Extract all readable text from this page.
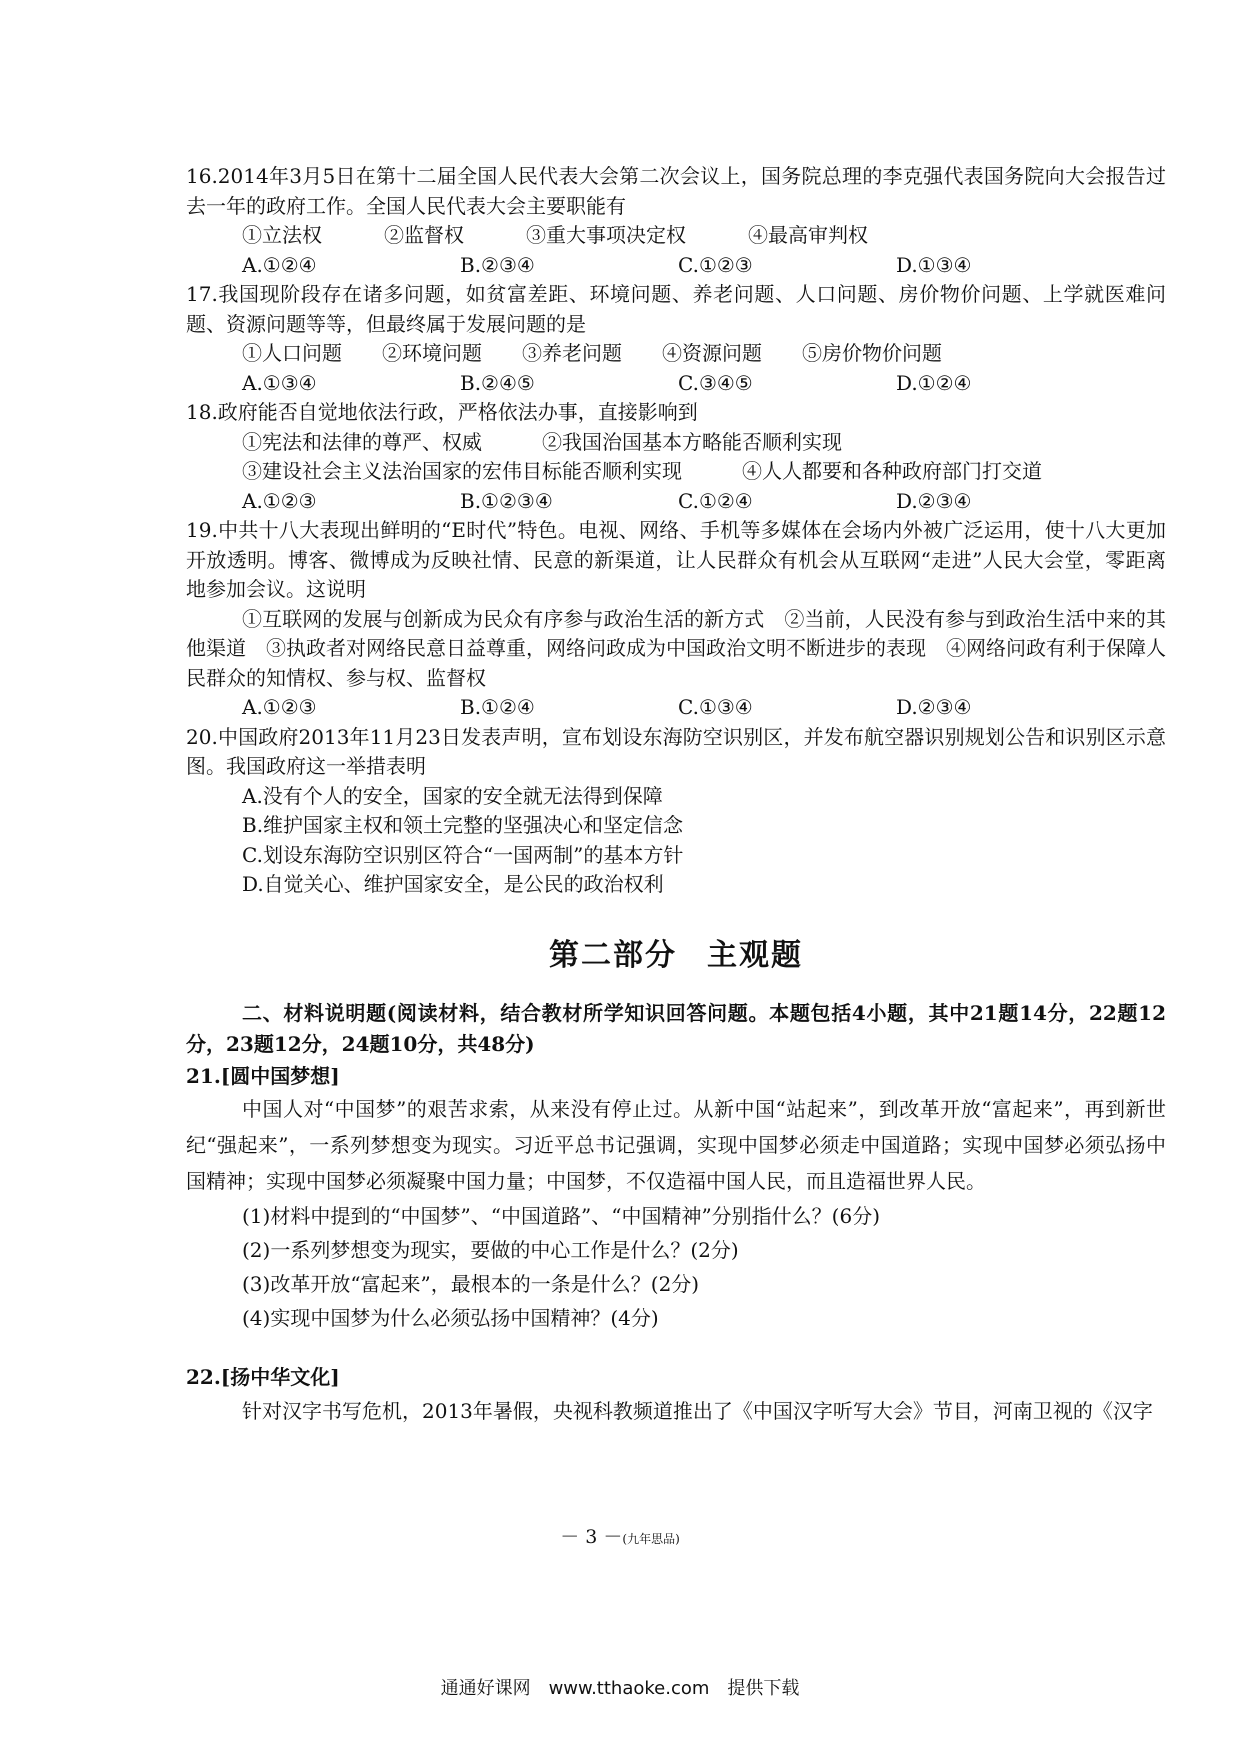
16.2014年3月5日在第十二届全国人民代表大会第二次会议上，国务院总理的李克强代表国务院向大会报告过去一年的政府工作。全国人民代表大会主要职能有

①立法权	②监督权	③重大事项决定权	④最高审判权
A.①②④	B.②③④	C.①②③	D.①③④

17.我国现阶段存在诸多问题，如贫富差距、环境问题、养老问题、人口问题、房价物价问题、上学就医难问题、资源问题等等，但最终属于发展问题的是

①人口问题 ②环境问题 ③养老问题 ④资源问题 ⑤房价物价问题
A.①③④	B.②④⑤	C.③④⑤	D.①②④

18.政府能否自觉地依法行政，严格依法办事，直接影响到

①宪法和法律的尊严、权威	②我国治国基本方略能否顺利实现
③建设社会主义法治国家的宏伟目标能否顺利实现	④人人都要和各种政府部门打交道
A.①②③	B.①②③④	C.①②④	D.②③④

19.中共十八大表现出鲜明的“E时代”特色。电视、网络、手机等多媒体在会场内外被广泛运用，使十八大更加开放透明。博客、微博成为反映社情、民意的新渠道，让人民群众有机会从互联网“走进”人民大会堂，零距离地参加会议。这说明

①互联网的发展与创新成为民众有序参与政治生活的新方式　②当前，人民没有参与到政治生活中来的其他渠道　③执政者对网络民意日益尊重，网络问政成为中国政治文明不断进步的表现　④网络问政有利于保障人民群众的知情权、参与权、监督权

A.①②③	B.①②④	C.①③④	D.②③④

20.中国政府2013年11月23日发表声明，宣布划设东海防空识别区，并发布航空器识别规划公告和识别区示意图。我国政府这一举措表明

A.没有个人的安全，国家的安全就无法得到保障

B.维护国家主权和领土完整的坚强决心和坚定信念

C.划设东海防空识别区符合“一国两制”的基本方针

D.自觉关心、维护国家安全，是公民的政治权利

第二部分 主观题

二、材料说明题(阅读材料，结合教材所学知识回答问题。本题包括4小题，其中21题14分，22题12分，23题12分，24题10分，共48分)

21.[圆中国梦想]

中国人对“中国梦”的艰苦求索，从来没有停止过。从新中国“站起来”，到改革开放“富起来”，再到新世纪“强起来”，一系列梦想变为现实。习近平总书记强调，实现中国梦必须走中国道路；实现中国梦必须弘扬中国精神；实现中国梦必须凝聚中国力量；中国梦，不仅造福中国人民，而且造福世界人民。

(1)材料中提到的“中国梦”、“中国道路”、“中国精神”分别指什么？(6分)

(2)一系列梦想变为现实，要做的中心工作是什么？(2分)

(3)改革开放“富起来”，最根本的一条是什么？(2分)

(4)实现中国梦为什么必须弘扬中国精神？(4分)

22.[扬中华文化]

针对汉字书写危机，2013年暑假，央视科教频道推出了《中国汉字听写大会》节目，河南卫视的《汉字

－ 3 －(九年思品)
通通好课网　www.tthaoke.com　提供下载
